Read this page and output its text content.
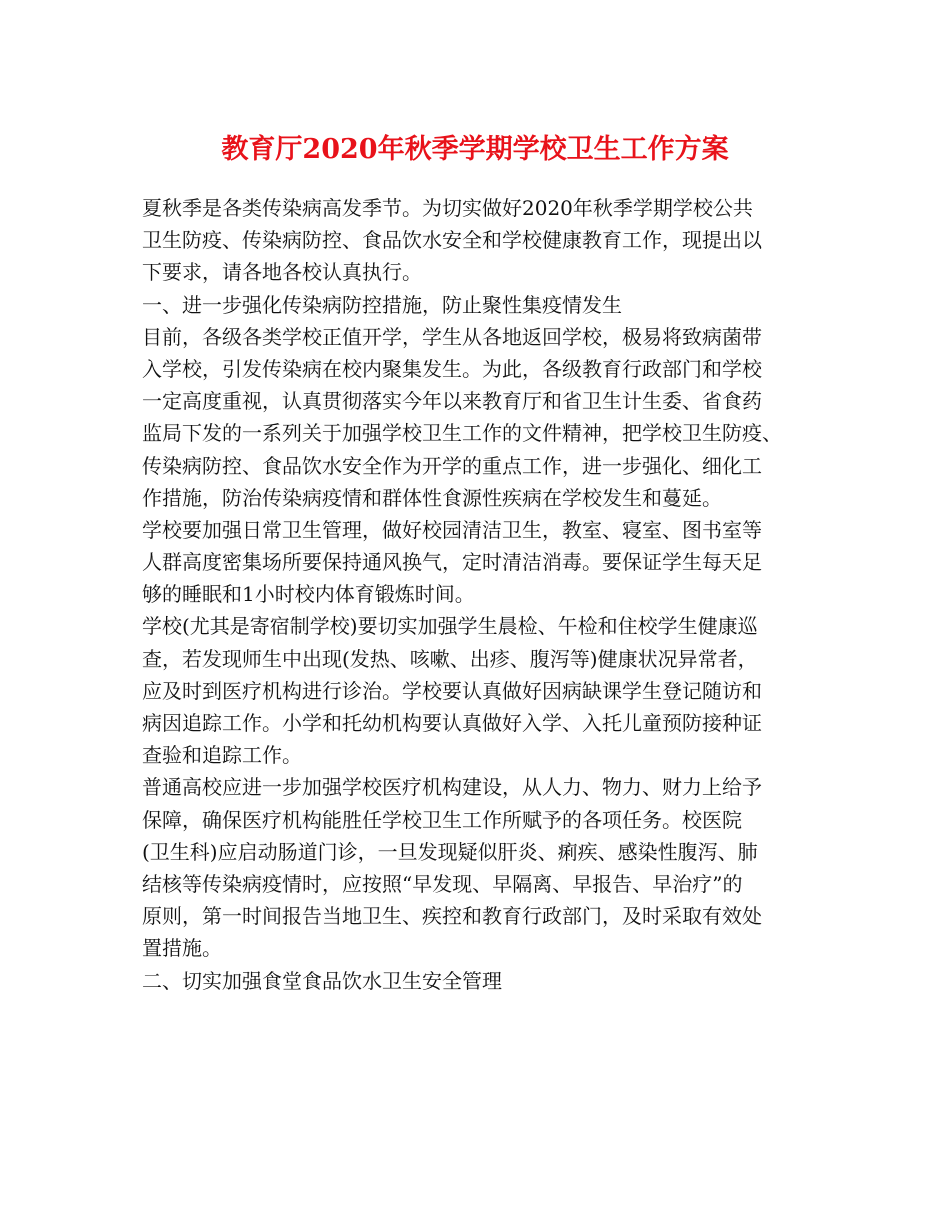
教育厅2020年秋季学期学校卫生工作方案
夏秋季是各类传染病高发季节。为切实做好2020年秋季学期学校公共
卫生防疫、传染病防控、食品饮水安全和学校健康教育工作，现提出以
下要求，请各地各校认真执行。
一、进一步强化传染病防控措施，防止聚性集疫情发生
目前，各级各类学校正值开学，学生从各地返回学校，极易将致病菌带
入学校，引发传染病在校内聚集发生。为此，各级教育行政部门和学校
一定高度重视，认真贯彻落实今年以来教育厅和省卫生计生委、省食药
监局下发的一系列关于加强学校卫生工作的文件精神，把学校卫生防疫、
传染病防控、食品饮水安全作为开学的重点工作，进一步强化、细化工
作措施，防治传染病疫情和群体性食源性疾病在学校发生和蔓延。
学校要加强日常卫生管理，做好校园清洁卫生，教室、寝室、图书室等
人群高度密集场所要保持通风换气，定时清洁消毒。要保证学生每天足
够的睡眠和1小时校内体育锻炼时间。
学校(尤其是寄宿制学校)要切实加强学生晨检、午检和住校学生健康巡
查，若发现师生中出现(发热、咳嗽、出疹、腹泻等)健康状况异常者，
应及时到医疗机构进行诊治。学校要认真做好因病缺课学生登记随访和
病因追踪工作。小学和托幼机构要认真做好入学、入托儿童预防接种证
查验和追踪工作。
普通高校应进一步加强学校医疗机构建设，从人力、物力、财力上给予
保障，确保医疗机构能胜任学校卫生工作所赋予的各项任务。校医院
(卫生科)应启动肠道门诊，一旦发现疑似肝炎、痢疾、感染性腹泻、肺
结核等传染病疫情时，应按照“早发现、早隔离、早报告、早治疗”的
原则，第一时间报告当地卫生、疾控和教育行政部门，及时采取有效处
置措施。
二、切实加强食堂食品饮水卫生安全管理
